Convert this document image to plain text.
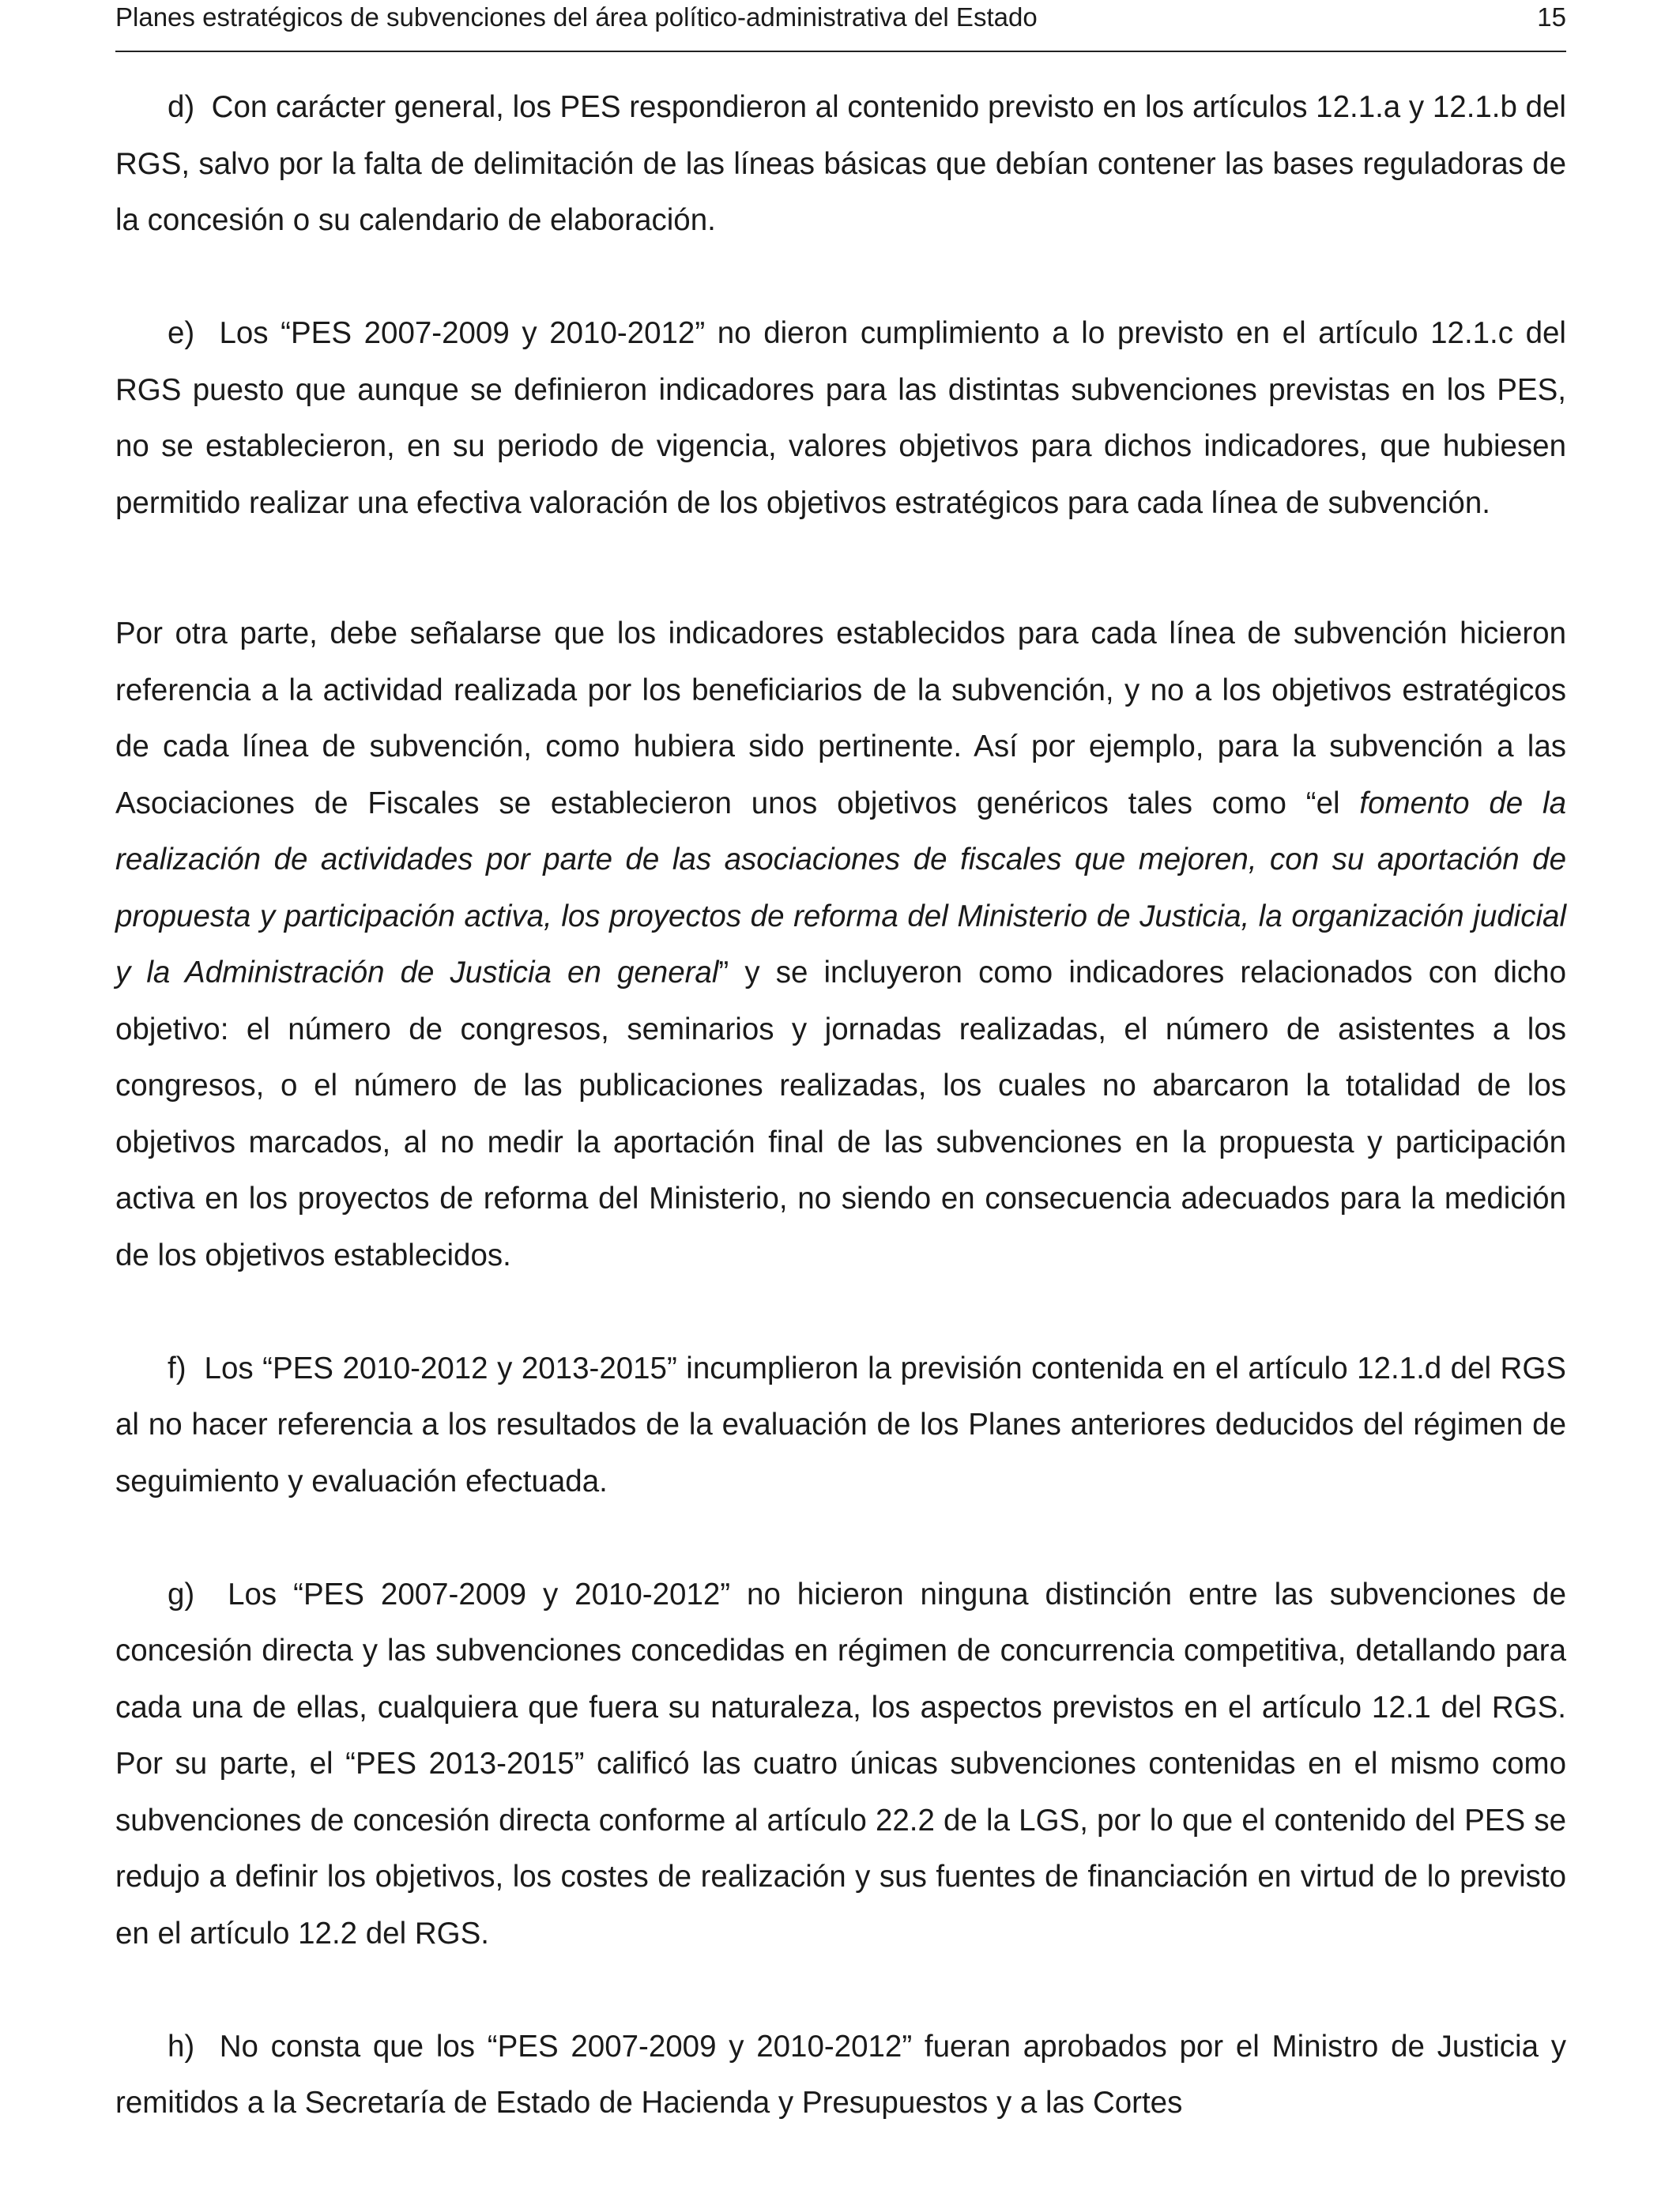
Planes estratégicos de subvenciones del área político-administrativa del Estado	15

d) Con carácter general, los PES respondieron al contenido previsto en los artículos 12.1.a y 12.1.b del RGS, salvo por la falta de delimitación de las líneas básicas que debían contener las bases reguladoras de la concesión o su calendario de elaboración.

e) Los “PES 2007-2009 y 2010-2012” no dieron cumplimiento a lo previsto en el artículo 12.1.c del RGS puesto que aunque se definieron indicadores para las distintas subvenciones previstas en los PES, no se establecieron, en su periodo de vigencia, valores objetivos para dichos indicadores, que hubiesen permitido realizar una efectiva valoración de los objetivos estratégicos para cada línea de subvención.

Por otra parte, debe señalarse que los indicadores establecidos para cada línea de subvención hicieron referencia a la actividad realizada por los beneficiarios de la subvención, y no a los objetivos estratégicos de cada línea de subvención, como hubiera sido pertinente. Así por ejemplo, para la subvención a las Asociaciones de Fiscales se establecieron unos objetivos genéricos tales como “el fomento de la realización de actividades por parte de las asociaciones de fiscales que mejoren, con su aportación de propuesta y participación activa, los proyectos de reforma del Ministerio de Justicia, la organización judicial y la Administración de Justicia en general” y se incluyeron como indicadores relacionados con dicho objetivo: el número de congresos, seminarios y jornadas realizadas, el número de asistentes a los congresos, o el número de las publicaciones realizadas, los cuales no abarcaron la totalidad de los objetivos marcados, al no medir la aportación final de las subvenciones en la propuesta y participación activa en los proyectos de reforma del Ministerio, no siendo en consecuencia adecuados para la medición de los objetivos establecidos.

f) Los “PES 2010-2012 y 2013-2015” incumplieron la previsión contenida en el artículo 12.1.d del RGS al no hacer referencia a los resultados de la evaluación de los Planes anteriores deducidos del régimen de seguimiento y evaluación efectuada.

g) Los “PES 2007-2009 y 2010-2012” no hicieron ninguna distinción entre las subvenciones de concesión directa y las subvenciones concedidas en régimen de concurrencia competitiva, detallando para cada una de ellas, cualquiera que fuera su naturaleza, los aspectos previstos en el artículo 12.1 del RGS. Por su parte, el “PES 2013-2015” calificó las cuatro únicas subvenciones contenidas en el mismo como subvenciones de concesión directa conforme al artículo 22.2 de la LGS, por lo que el contenido del PES se redujo a definir los objetivos, los costes de realización y sus fuentes de financiación en virtud de lo previsto en el artículo 12.2 del RGS.

h) No consta que los “PES 2007-2009 y 2010-2012” fueran aprobados por el Ministro de Justicia y remitidos a la Secretaría de Estado de Hacienda y Presupuestos y a las Cortes
